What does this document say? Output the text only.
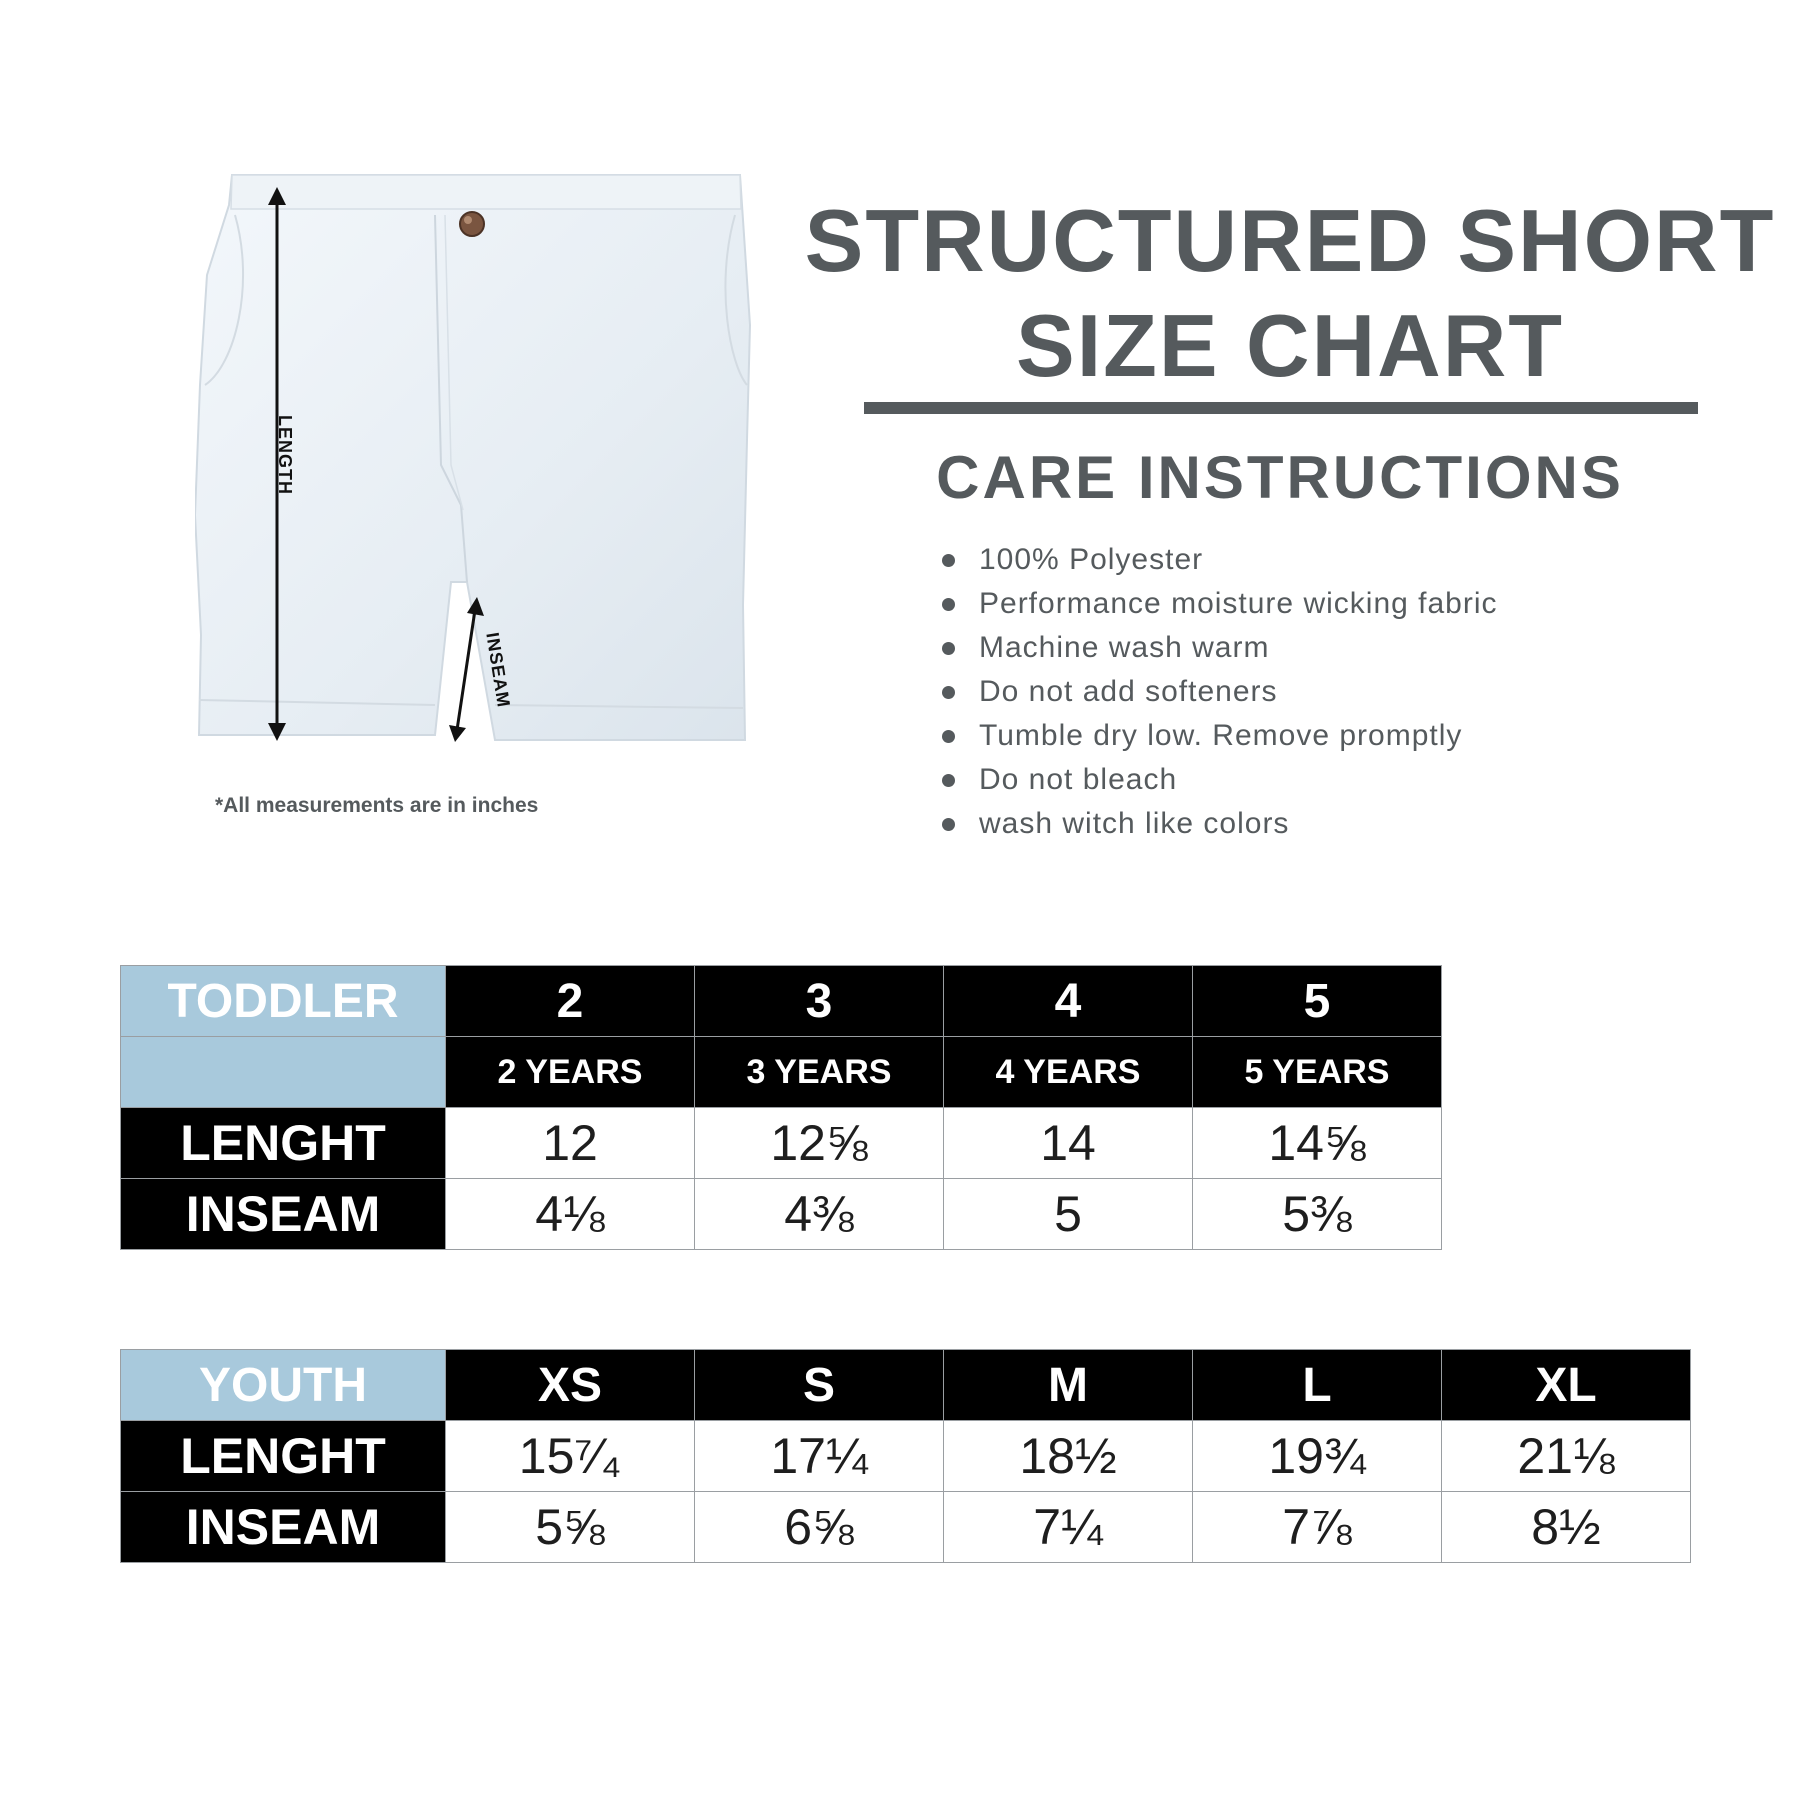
LENGTH
INSEAM
*All measurements are in inches
STRUCTURED SHORT
SIZE CHART
CARE INSTRUCTIONS
100% Polyester
Performance moisture wicking fabric
Machine wash warm
Do not add softeners
Tumble dry low. Remove promptly
Do not bleach
wash witch like colors
TODDLER	2	3	4	5
	2 YEARS	3 YEARS	4 YEARS	5 YEARS
LENGHT	12	12⅝	14	14⅝
INSEAM	4⅛	4⅜	5	5⅜
YOUTH	XS	S	M	L	XL
LENGHT	15⁷⁄₄	17¼	18½	19¾	21⅛
INSEAM	5⅝	6⅝	7¼	7⅞	8½
